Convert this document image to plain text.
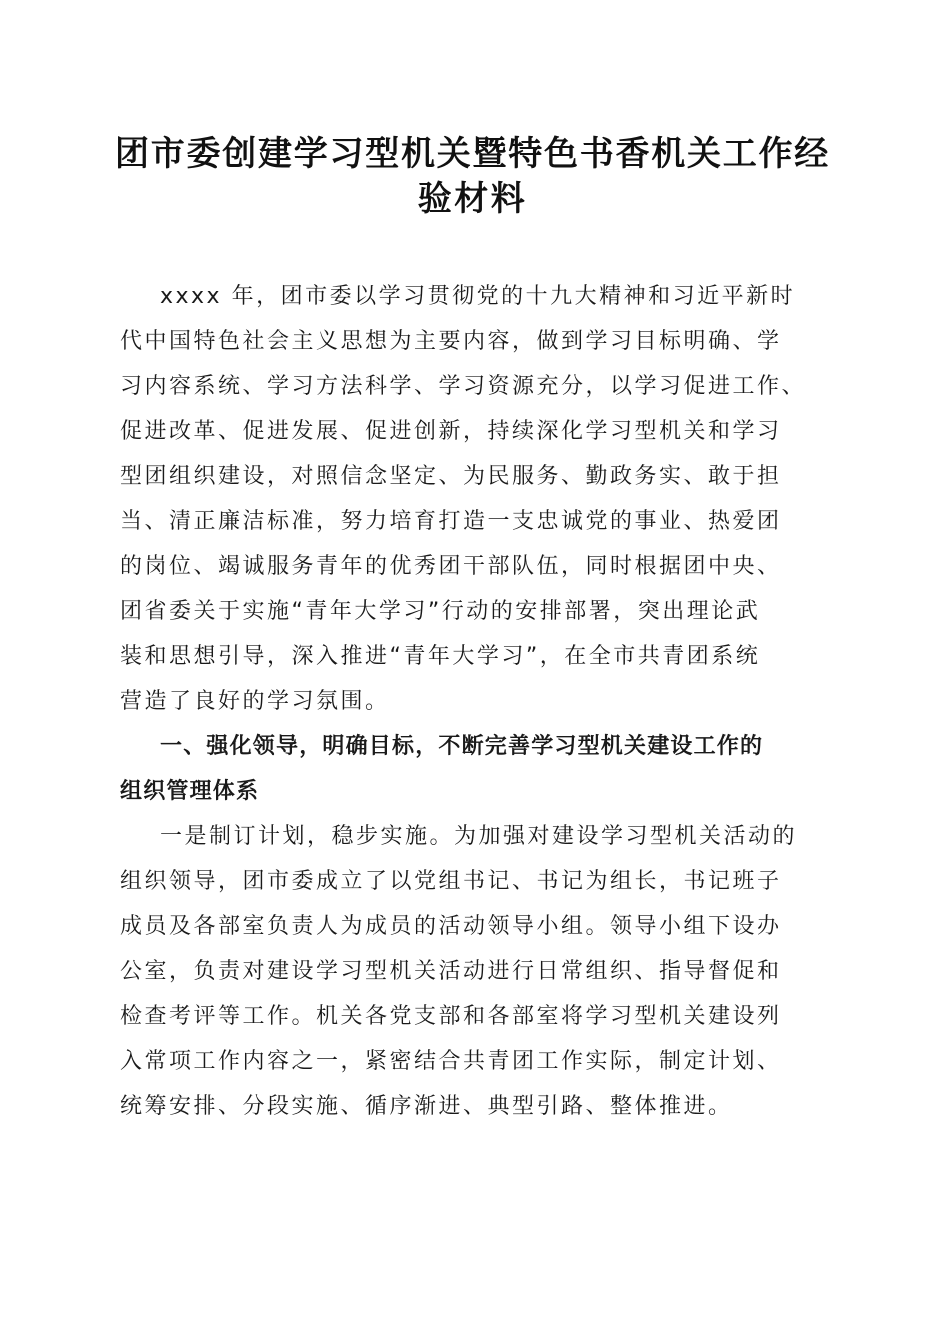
团市委创建学习型机关暨特色书香机关工作经
验材料
xxxx 年，团市委以学习贯彻党的十九大精神和习近平新时
代中国特色社会主义思想为主要内容，做到学习目标明确、学
习内容系统、学习方法科学、学习资源充分，以学习促进工作、
促进改革、促进发展、促进创新，持续深化学习型机关和学习
型团组织建设，对照信念坚定、为民服务、勤政务实、敢于担
当、清正廉洁标准，努力培育打造一支忠诚党的事业、热爱团
的岗位、竭诚服务青年的优秀团干部队伍，同时根据团中央、
团省委关于实施“青年大学习”行动的安排部署，突出理论武
装和思想引导，深入推进“青年大学习”，在全市共青团系统
营造了良好的学习氛围。
一、强化领导，明确目标，不断完善学习型机关建设工作的
组织管理体系
一是制订计划，稳步实施。为加强对建设学习型机关活动的
组织领导，团市委成立了以党组书记、书记为组长，书记班子
成员及各部室负责人为成员的活动领导小组。领导小组下设办
公室，负责对建设学习型机关活动进行日常组织、指导督促和
检查考评等工作。机关各党支部和各部室将学习型机关建设列
入常项工作内容之一，紧密结合共青团工作实际，制定计划、
统筹安排、分段实施、循序渐进、典型引路、整体推进。
